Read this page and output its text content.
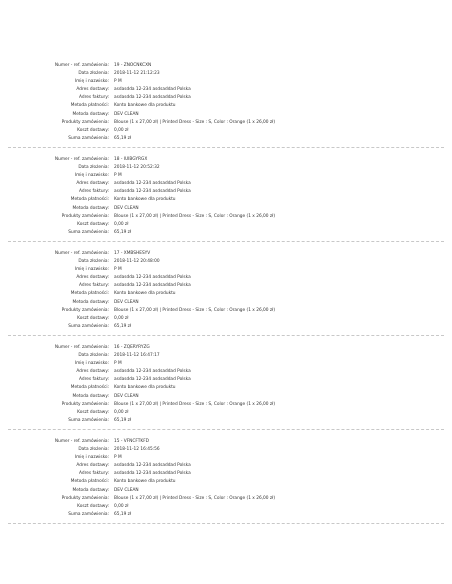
Numer - ref. zamówienia:	19 - ZNOCNKCXN
Data złożenia:	2018-11-12 21:12:23
Imię i nazwisko:	P M
Adres dostawy:	asdasdda 12-234 asdsaddad Polska
Adres faktury:	asdasdda 12-234 asdsaddad Polska
Metoda płatności:	Konto bankowe dla produktu
Metoda dostawy:	DEV CLEAN
Produkty zamówienia:	Blouse (1 x 27,00 zł) | Printed Dress - Size : S, Color : Orange (1 x 26,00 zł)
Koszt dostawy:	0,00 zł
Suma zamówienia:	65,19 zł
Numer - ref. zamówienia:	18 - IUIBGYRGX
Data złożenia:	2018-11-12 20:52:32
Imię i nazwisko:	P M
Adres dostawy:	asdasdda 12-234 asdsaddad Polska
Adres faktury:	asdasdda 12-234 asdsaddad Polska
Metoda płatności:	Konto bankowe dla produktu
Metoda dostawy:	DEV CLEAN
Produkty zamówienia:	Blouse (1 x 27,00 zł) | Printed Dress - Size : S, Color : Orange (1 x 26,00 zł)
Koszt dostawy:	0,00 zł
Suma zamówienia:	65,19 zł
Numer - ref. zamówienia:	17 - XMBSHESYV
Data złożenia:	2018-11-12 20:48:00
Imię i nazwisko:	P M
Adres dostawy:	asdasdda 12-234 asdsaddad Polska
Adres faktury:	asdasdda 12-234 asdsaddad Polska
Metoda płatności:	Konto bankowe dla produktu
Metoda dostawy:	DEV CLEAN
Produkty zamówienia:	Blouse (1 x 27,00 zł) | Printed Dress - Size : S, Color : Orange (1 x 26,00 zł)
Koszt dostawy:	0,00 zł
Suma zamówienia:	65,19 zł
Numer - ref. zamówienia:	16 - ZQERYRYZG
Data złożenia:	2018-11-12 16:47:17
Imię i nazwisko:	P M
Adres dostawy:	asdasdda 12-234 asdsaddad Polska
Adres faktury:	asdasdda 12-234 asdsaddad Polska
Metoda płatności:	Konto bankowe dla produktu
Metoda dostawy:	DEV CLEAN
Produkty zamówienia:	Blouse (1 x 27,00 zł) | Printed Dress - Size : S, Color : Orange (1 x 26,00 zł)
Koszt dostawy:	0,00 zł
Suma zamówienia:	65,19 zł
Numer - ref. zamówienia:	15 - VFNCFTKFD
Data złożenia:	2018-11-12 16:45:56
Imię i nazwisko:	P M
Adres dostawy:	asdasdda 12-234 asdsaddad Polska
Adres faktury:	asdasdda 12-234 asdsaddad Polska
Metoda płatności:	Konto bankowe dla produktu
Metoda dostawy:	DEV CLEAN
Produkty zamówienia:	Blouse (1 x 27,00 zł) | Printed Dress - Size : S, Color : Orange (1 x 26,00 zł)
Koszt dostawy:	0,00 zł
Suma zamówienia:	65,19 zł
